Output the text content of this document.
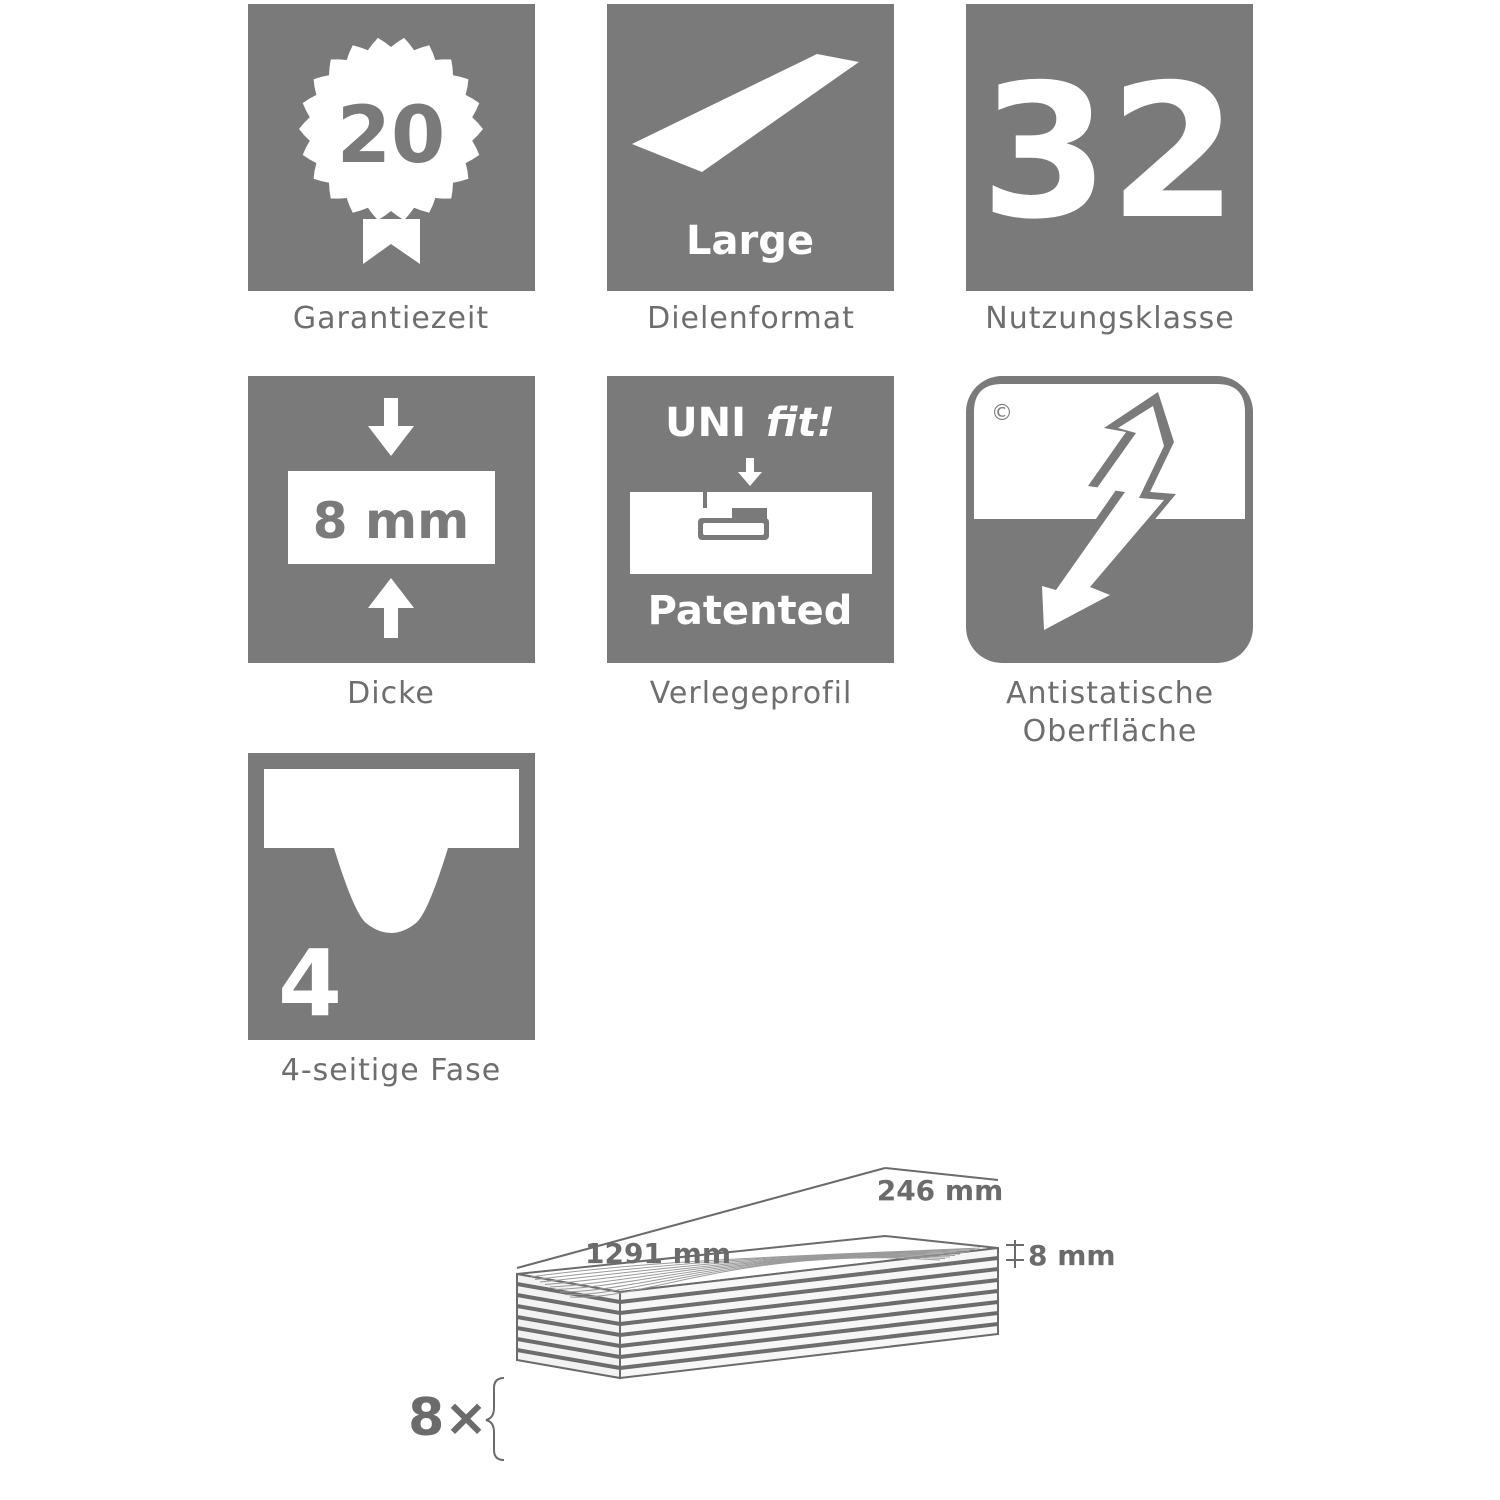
20
Garantiezeit
Large
Dielenformat
32
Nutzungsklasse
8 mm
Dicke
UNI fit!
Patented
Verlegeprofil
©
Antistatische
Oberfläche
4
4-seitige Fase
1291 mm
246 mm
8 mm
8×
